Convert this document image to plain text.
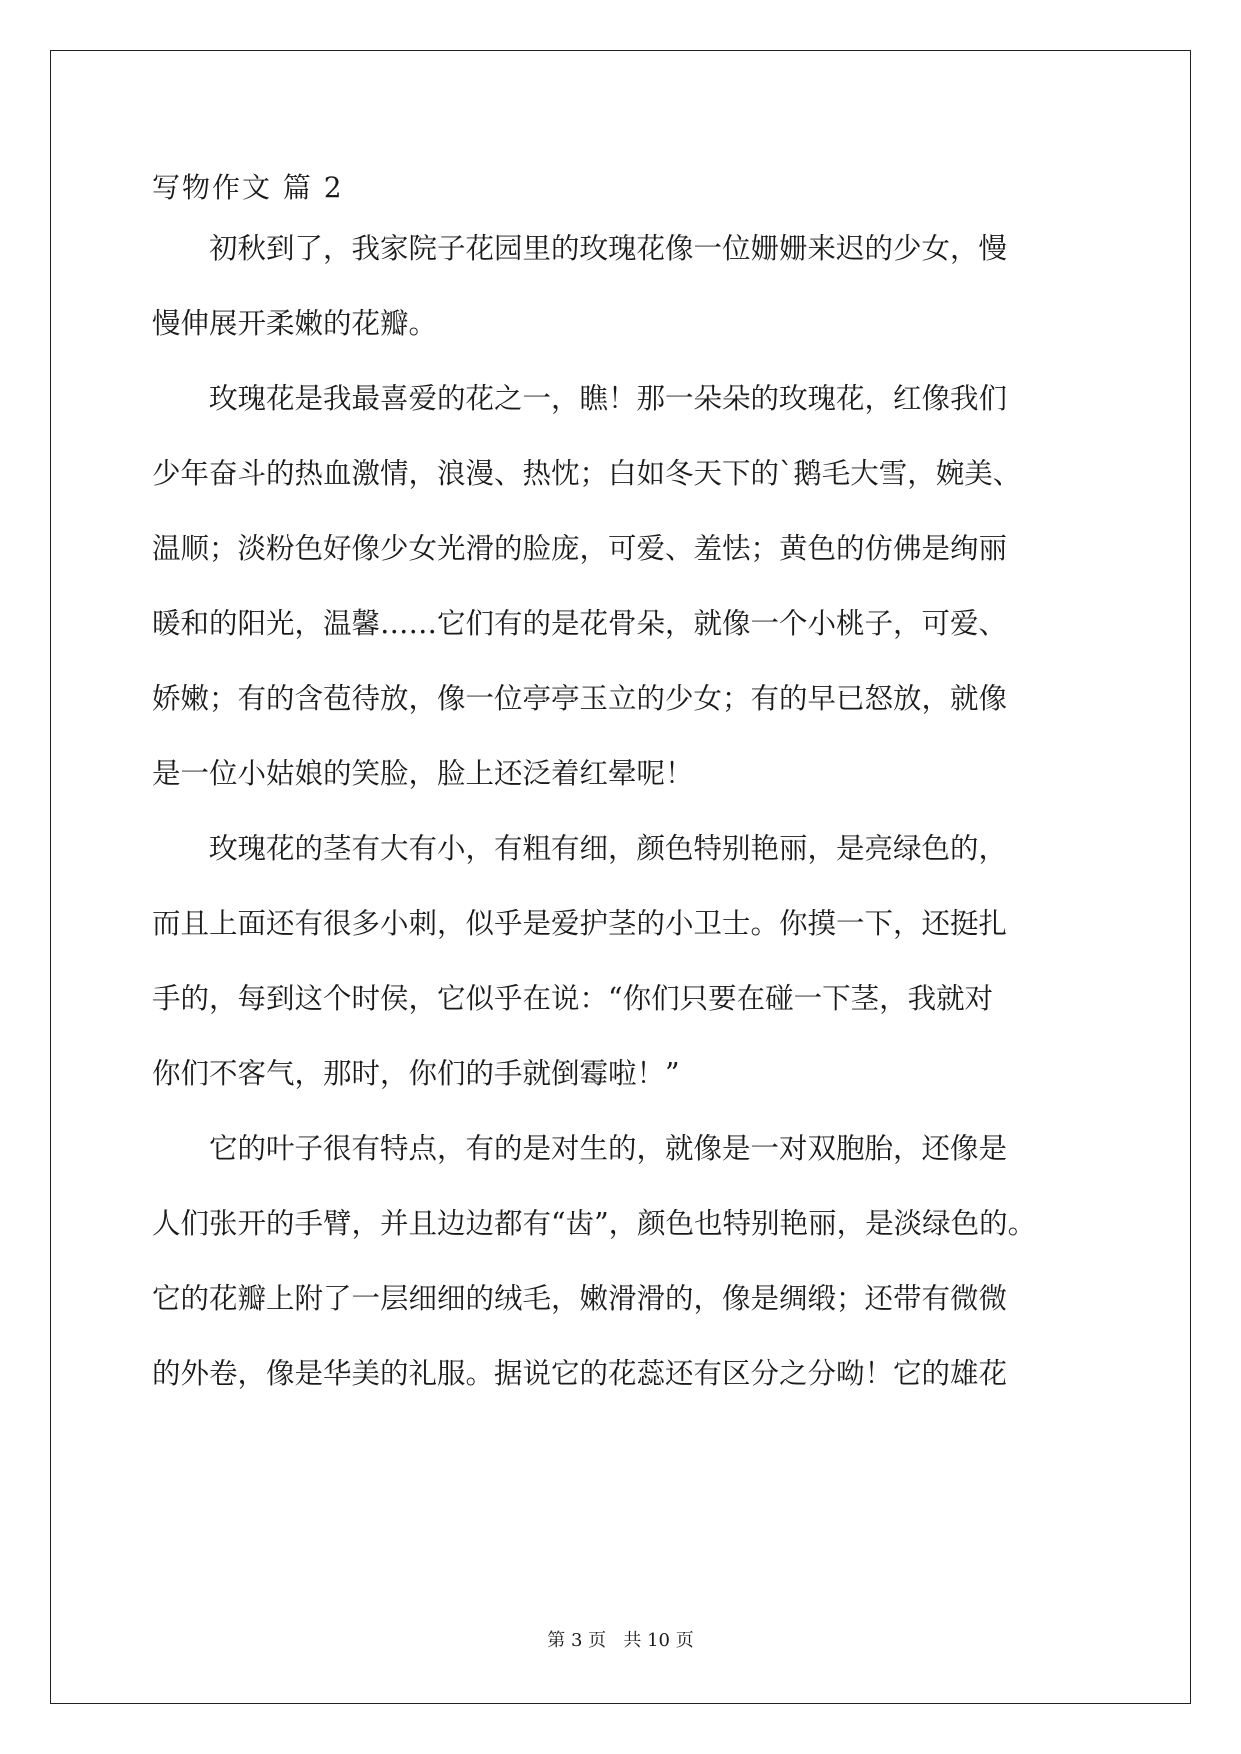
写物作文 篇 2
　　初秋到了，我家院子花园里的玫瑰花像一位姗姗来迟的少女，慢
慢伸展开柔嫩的花瓣。
　　玫瑰花是我最喜爱的花之一，瞧！那一朵朵的玫瑰花，红像我们
少年奋斗的热血激情，浪漫、热忱；白如冬天下的`鹅毛大雪，婉美、
温顺；淡粉色好像少女光滑的脸庞，可爱、羞怯；黄色的仿佛是绚丽
暖和的阳光，温馨……它们有的是花骨朵，就像一个小桃子，可爱、
娇嫩；有的含苞待放，像一位亭亭玉立的少女；有的早已怒放，就像
是一位小姑娘的笑脸，脸上还泛着红晕呢！
　　玫瑰花的茎有大有小，有粗有细，颜色特别艳丽，是亮绿色的，
而且上面还有很多小刺，似乎是爱护茎的小卫士。你摸一下，还挺扎
手的，每到这个时侯，它似乎在说：“你们只要在碰一下茎，我就对
你们不客气，那时，你们的手就倒霉啦！”
　　它的叶子很有特点，有的是对生的，就像是一对双胞胎，还像是
人们张开的手臂，并且边边都有“齿”，颜色也特别艳丽，是淡绿色的。
它的花瓣上附了一层细细的绒毛，嫩滑滑的，像是绸缎；还带有微微
的外卷，像是华美的礼服。据说它的花蕊还有区分之分呦！它的雄花
第 3 页   共 10 页
